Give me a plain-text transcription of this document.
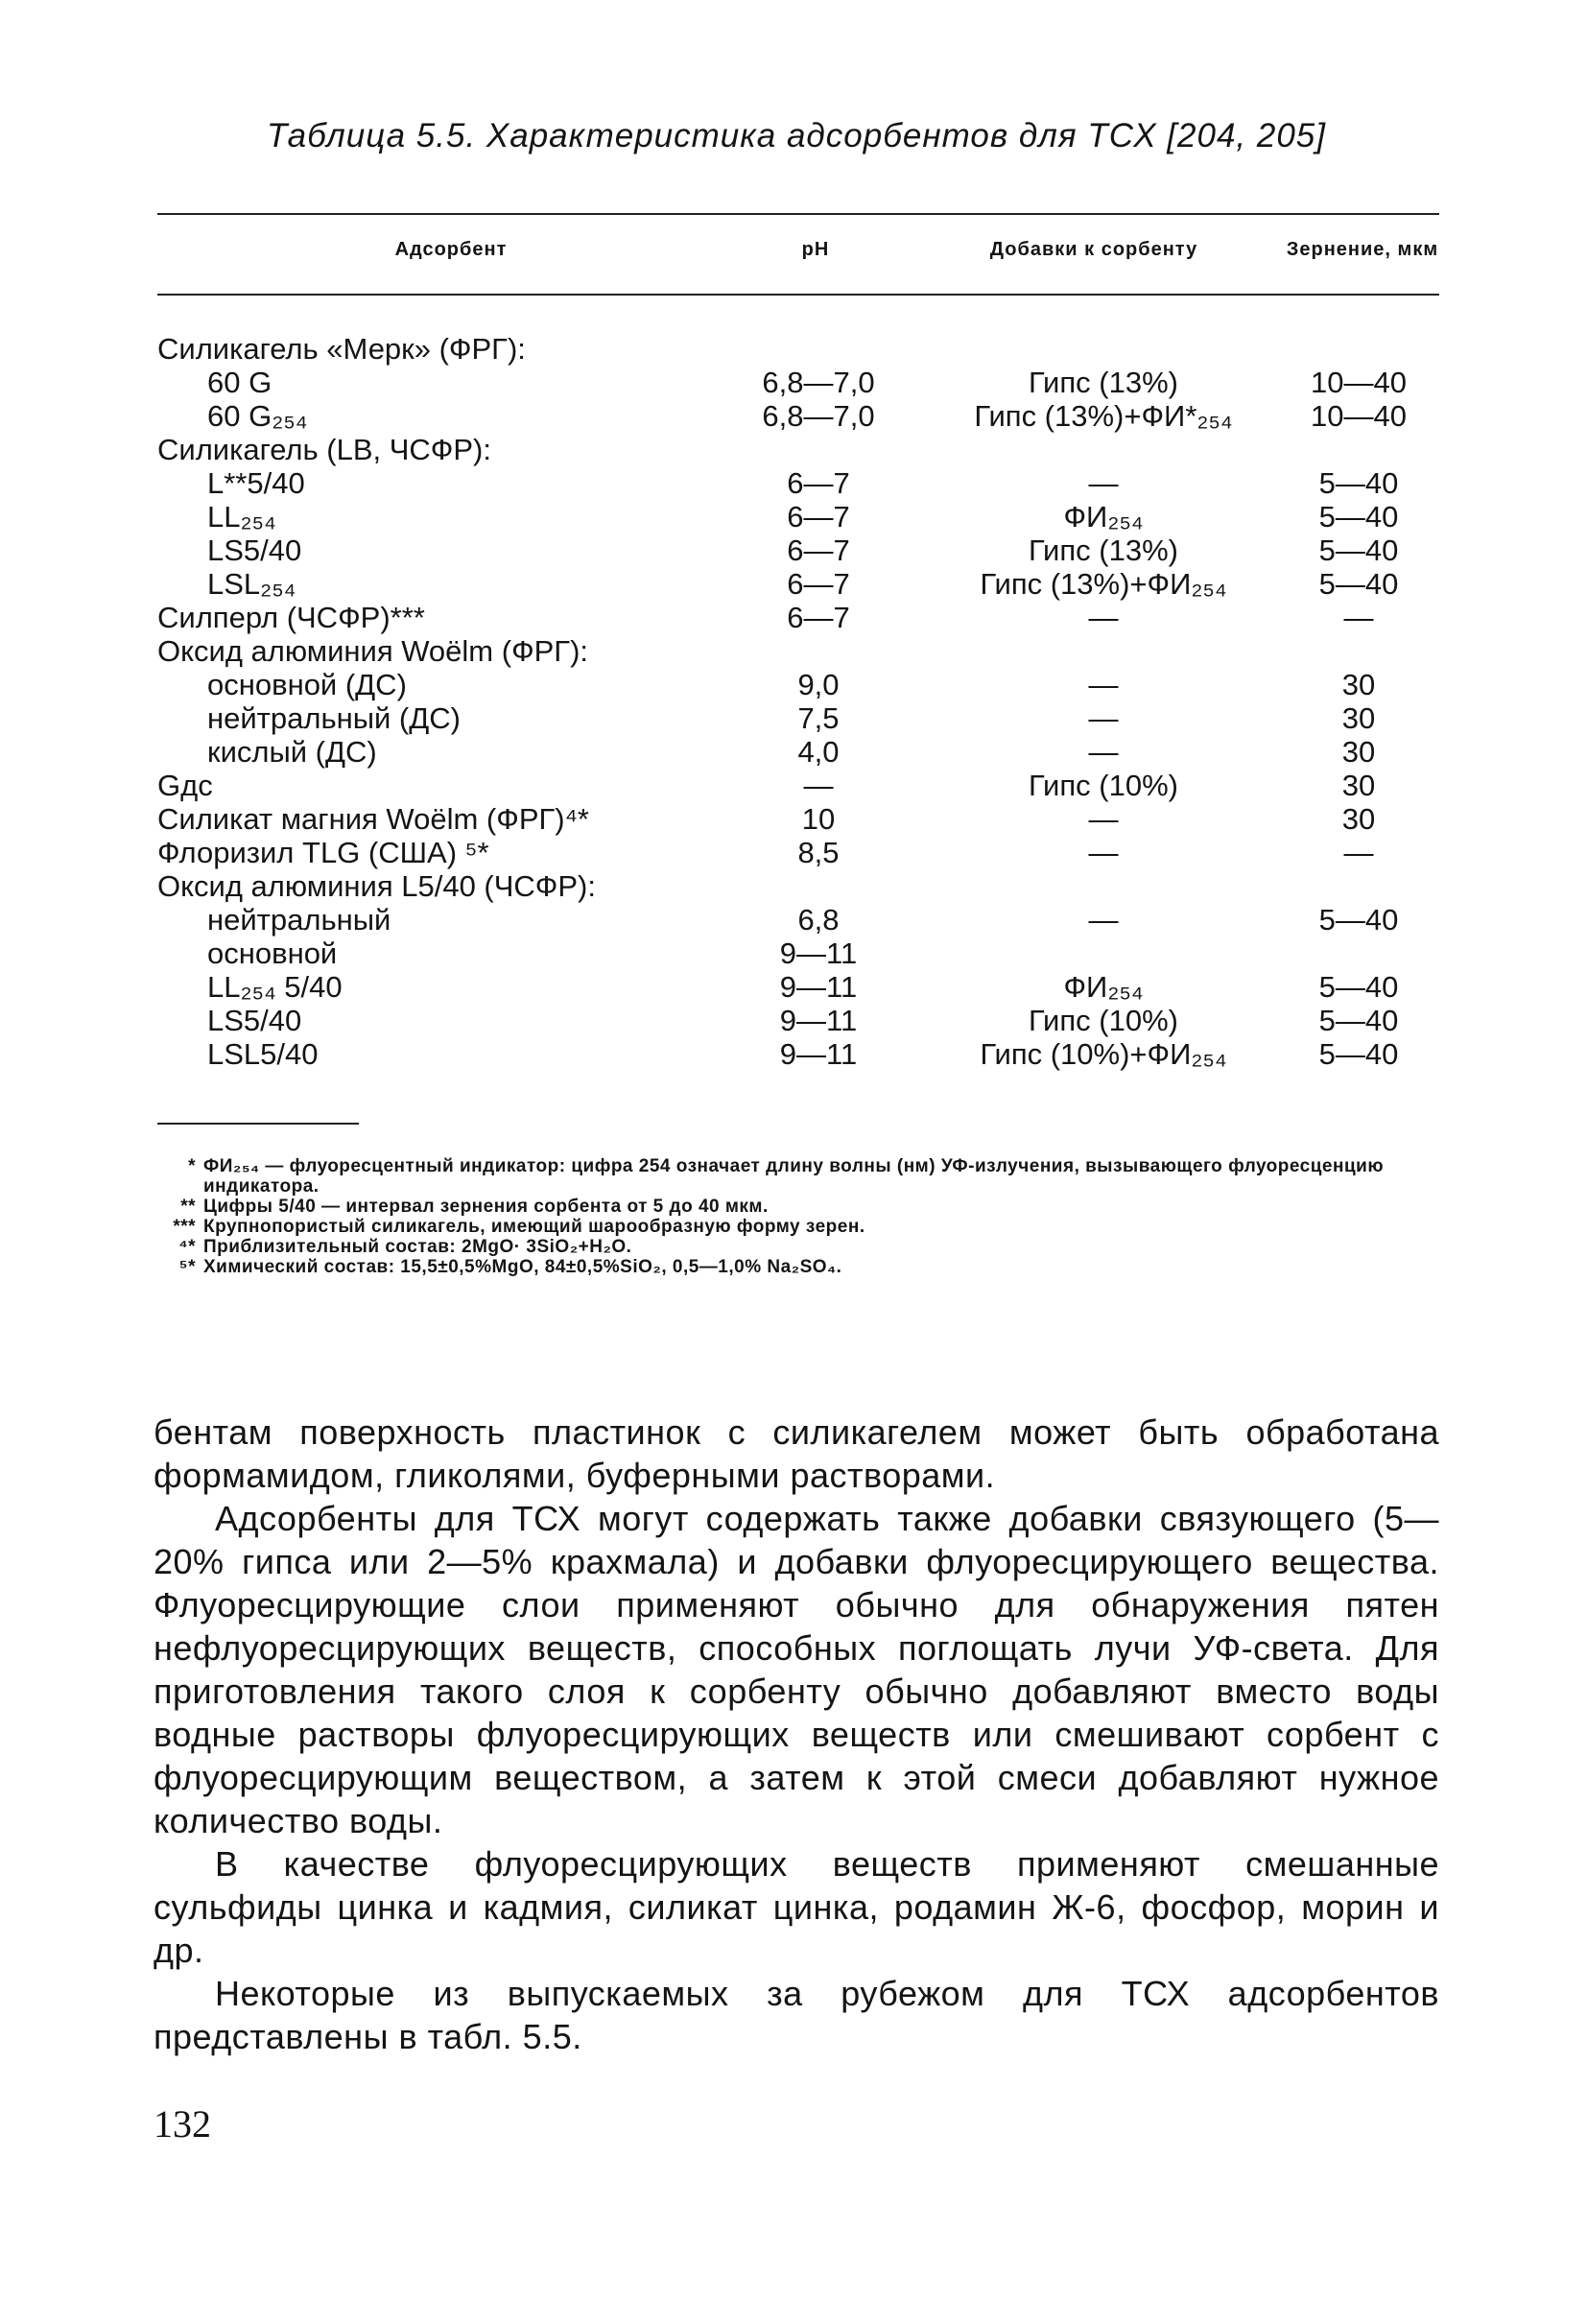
Таблица 5.5. Характеристика адсорбентов для ТСХ [204, 205]
Адсорбент	pH	Добавки к сорбенту	Зернение, мкм
Силикагель «Мерк» (ФРГ):
60 G	6,8—7,0	Гипс (13%)	10—40
60 G₂₅₄	6,8—7,0	Гипс (13%)+ФИ*₂₅₄	10—40
Силикагель (LB, ЧСФР):
L**5/40	6—7	—	5—40
LL₂₅₄	6—7	ФИ₂₅₄	5—40
LS5/40	6—7	Гипс (13%)	5—40
LSL₂₅₄	6—7	Гипс (13%)+ФИ₂₅₄	5—40
Силперл (ЧСФР)***	6—7	—	—
Оксид алюминия Woëlm (ФРГ):
основной (ДС)	9,0	—	30
нейтральный (ДС)	7,5	—	30
кислый (ДС)	4,0	—	30
Gдс	—	Гипс (10%)	30
Силикат магния Woëlm (ФРГ)⁴*	10	—	30
Флоризил TLG (США) ⁵*	8,5	—	—
Оксид алюминия L5/40 (ЧСФР):
нейтральный	6,8	—	5—40
основной	9—11
LL₂₅₄ 5/40	9—11	ФИ₂₅₄	5—40
LS5/40	9—11	Гипс (10%)	5—40
LSL5/40	9—11	Гипс (10%)+ФИ₂₅₄	5—40
* ФИ₂₅₄ — флуоресцентный индикатор: цифра 254 означает длину волны (нм) УФ-излучения, вызывающего флуоресценцию индикатора.
** Цифры 5/40 — интервал зернения сорбента от 5 до 40 мкм.
*** Крупнопористый силикагель, имеющий шарообразную форму зерен.
⁴* Приблизительный состав: 2MgO· 3SiO₂+H₂O.
⁵* Химический состав: 15,5±0,5%MgO, 84±0,5%SiO₂, 0,5—1,0% Na₂SO₄.

бентам поверхность пластинок с силикагелем может быть обработана формамидом, гликолями, буферными растворами.

Адсорбенты для ТСХ могут содержать также добавки связующего (5—20% гипса или 2—5% крахмала) и добавки флуоресцирующего вещества. Флуоресцирующие слои применяют обычно для обнаружения пятен нефлуоресцирующих веществ, способных поглощать лучи УФ-света. Для приготовления такого слоя к сорбенту обычно добавляют вместо воды водные растворы флуоресцирующих веществ или смешивают сорбент с флуоресцирующим веществом, а затем к этой смеси добавляют нужное количество воды.

В качестве флуоресцирующих веществ применяют смешанные сульфиды цинка и кадмия, силикат цинка, родамин Ж-6, фосфор, морин и др.

Некоторые из выпускаемых за рубежом для ТСХ адсорбентов представлены в табл. 5.5.

132
